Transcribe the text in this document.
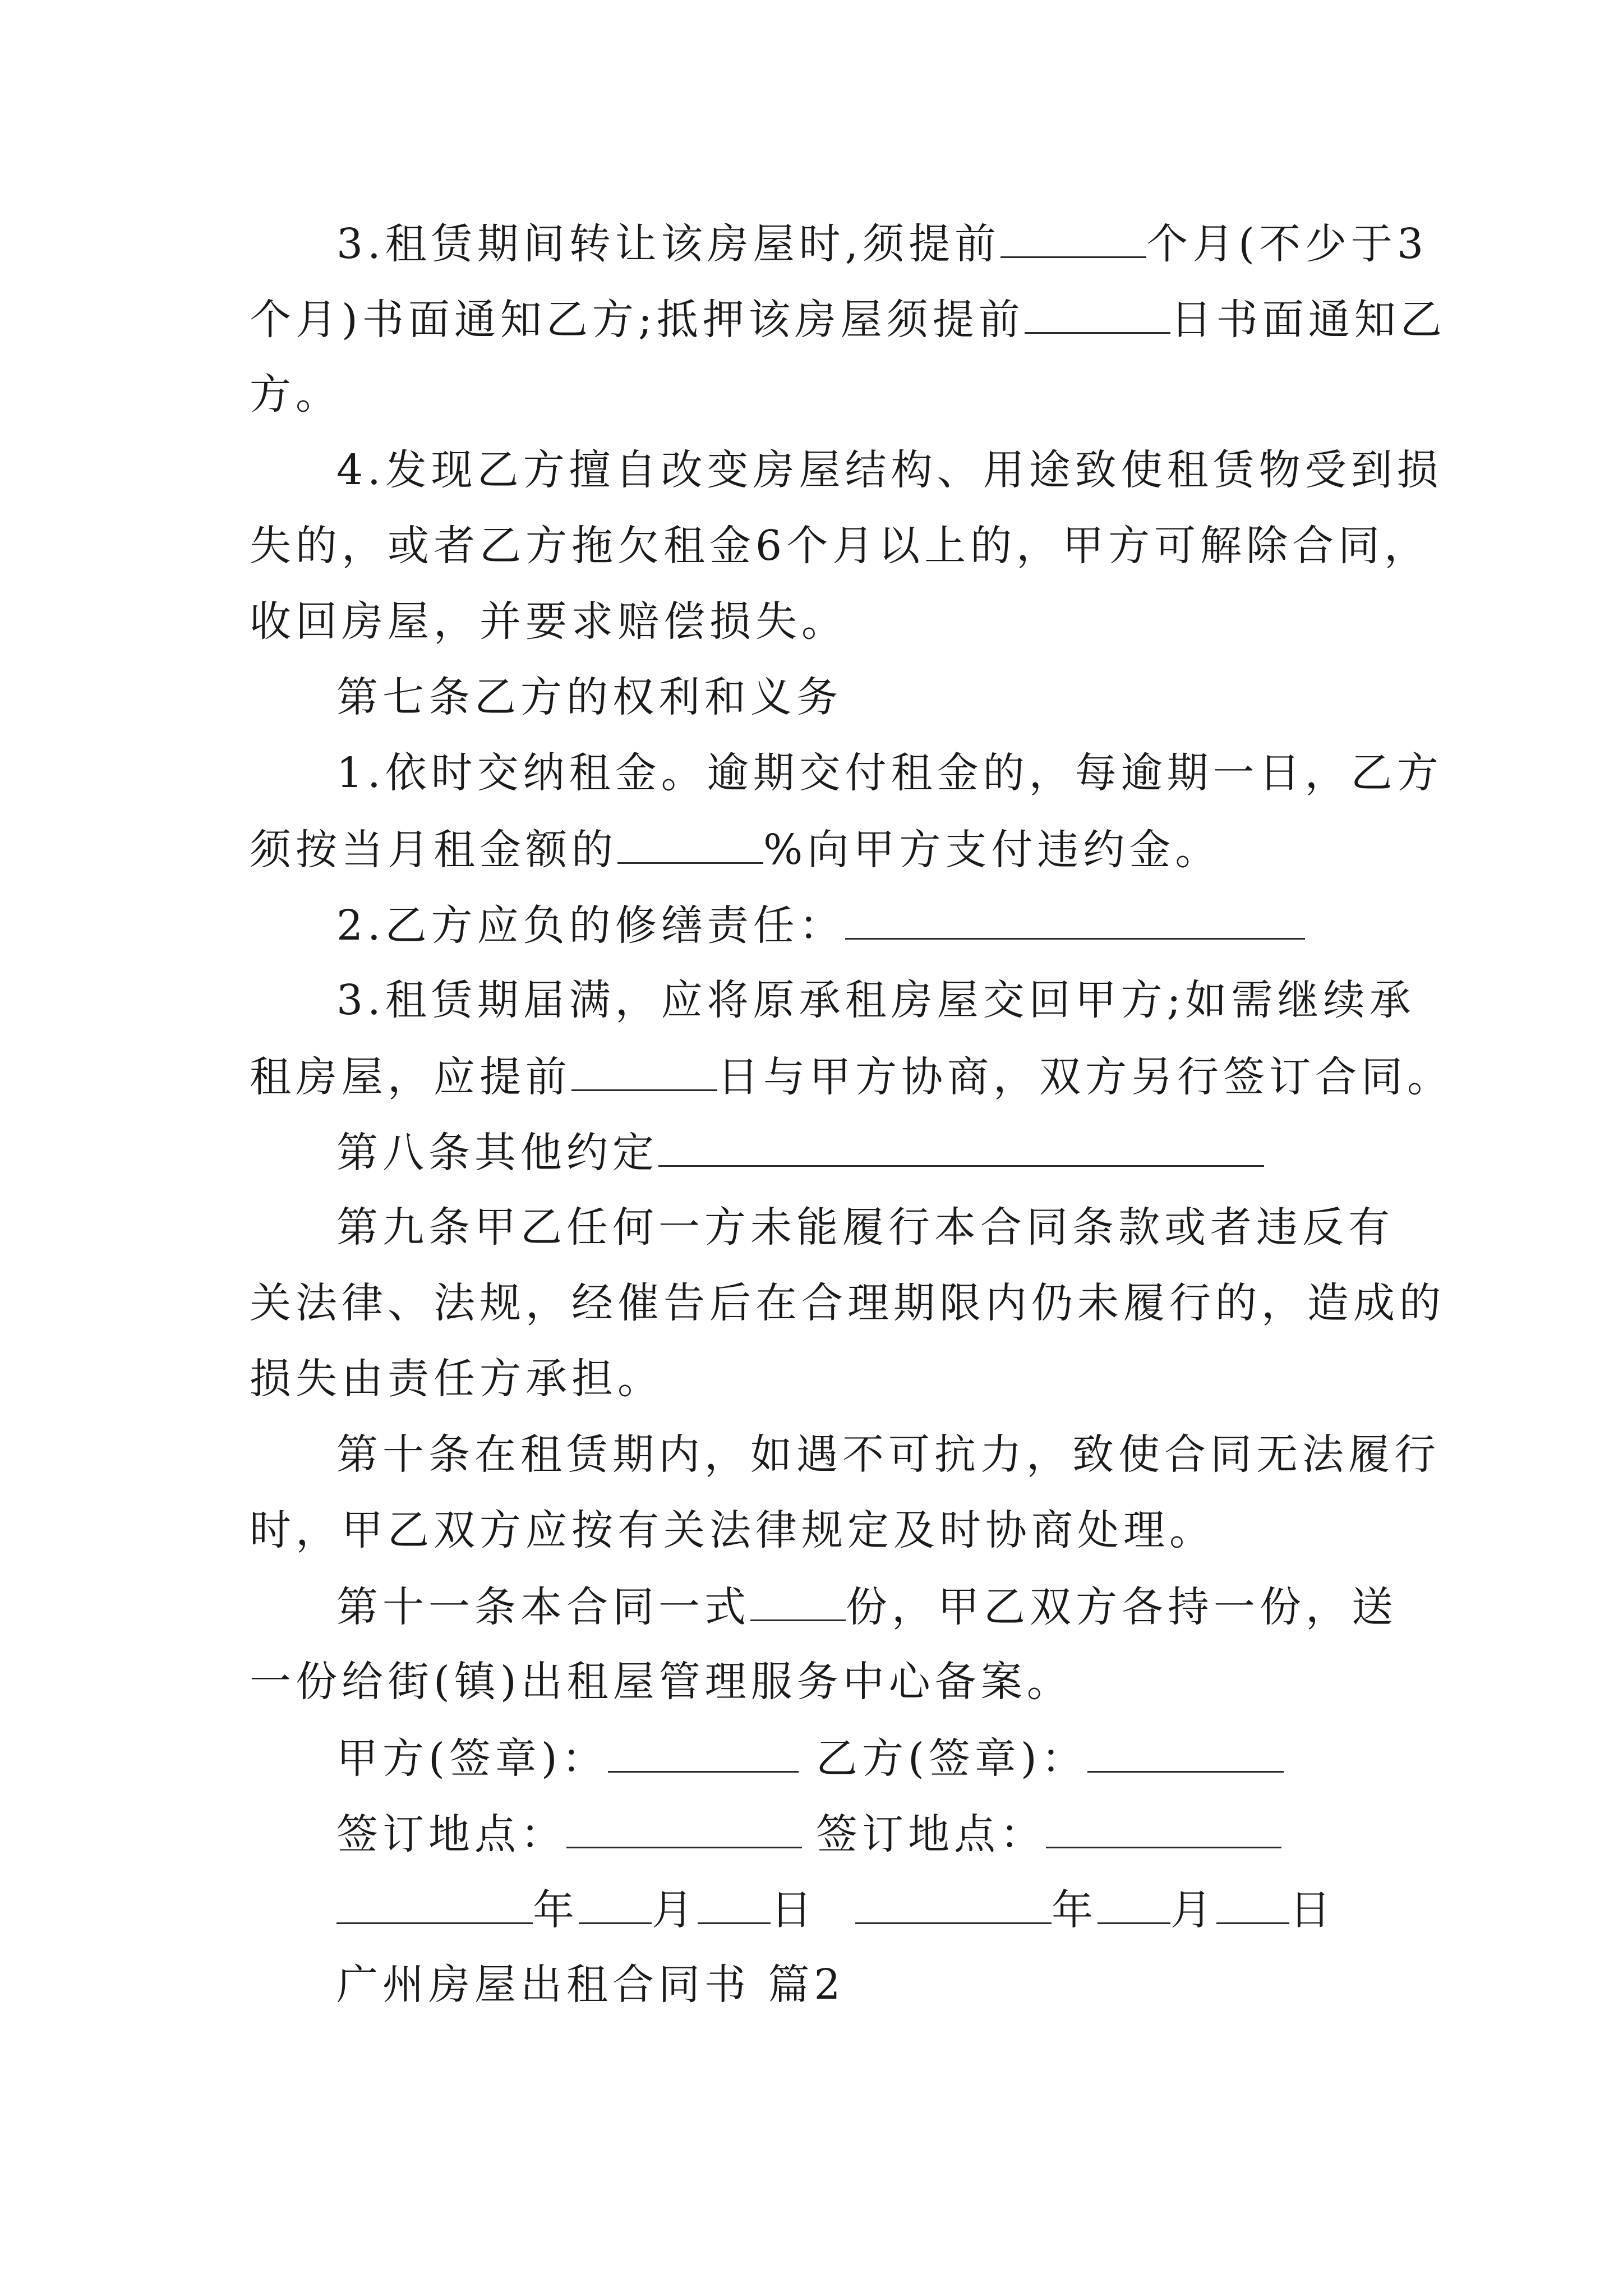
3.租赁期间转让该房屋时,须提前	个月(不少于3
个月)书面通知乙方;抵押该房屋须提前	日书面通知乙
方。
4.发现乙方擅自改变房屋结构、用途致使租赁物受到损
失的，或者乙方拖欠租金6个月以上的，甲方可解除合同，
收回房屋，并要求赔偿损失。
第七条乙方的权利和义务
1.依时交纳租金。逾期交付租金的，每逾期一日，乙方
须按当月租金额的	%向甲方支付违约金。
2.乙方应负的修缮责任：
3.租赁期届满，应将原承租房屋交回甲方;如需继续承
租房屋，应提前	日与甲方协商，双方另行签订合同。
第八条其他约定
第九条甲乙任何一方未能履行本合同条款或者违反有
关法律、法规，经催告后在合理期限内仍未履行的，造成的
损失由责任方承担。
第十条在租赁期内，如遇不可抗力，致使合同无法履行
时，甲乙双方应按有关法律规定及时协商处理。
第十一条本合同一式 份，甲乙双方各持一份，送
一份给街(镇)出租屋管理服务中心备案。
甲方(签章)：	乙方(签章)：
签订地点：	签订地点：
年 月 日	年 月 日
广州房屋出租合同书 篇2
